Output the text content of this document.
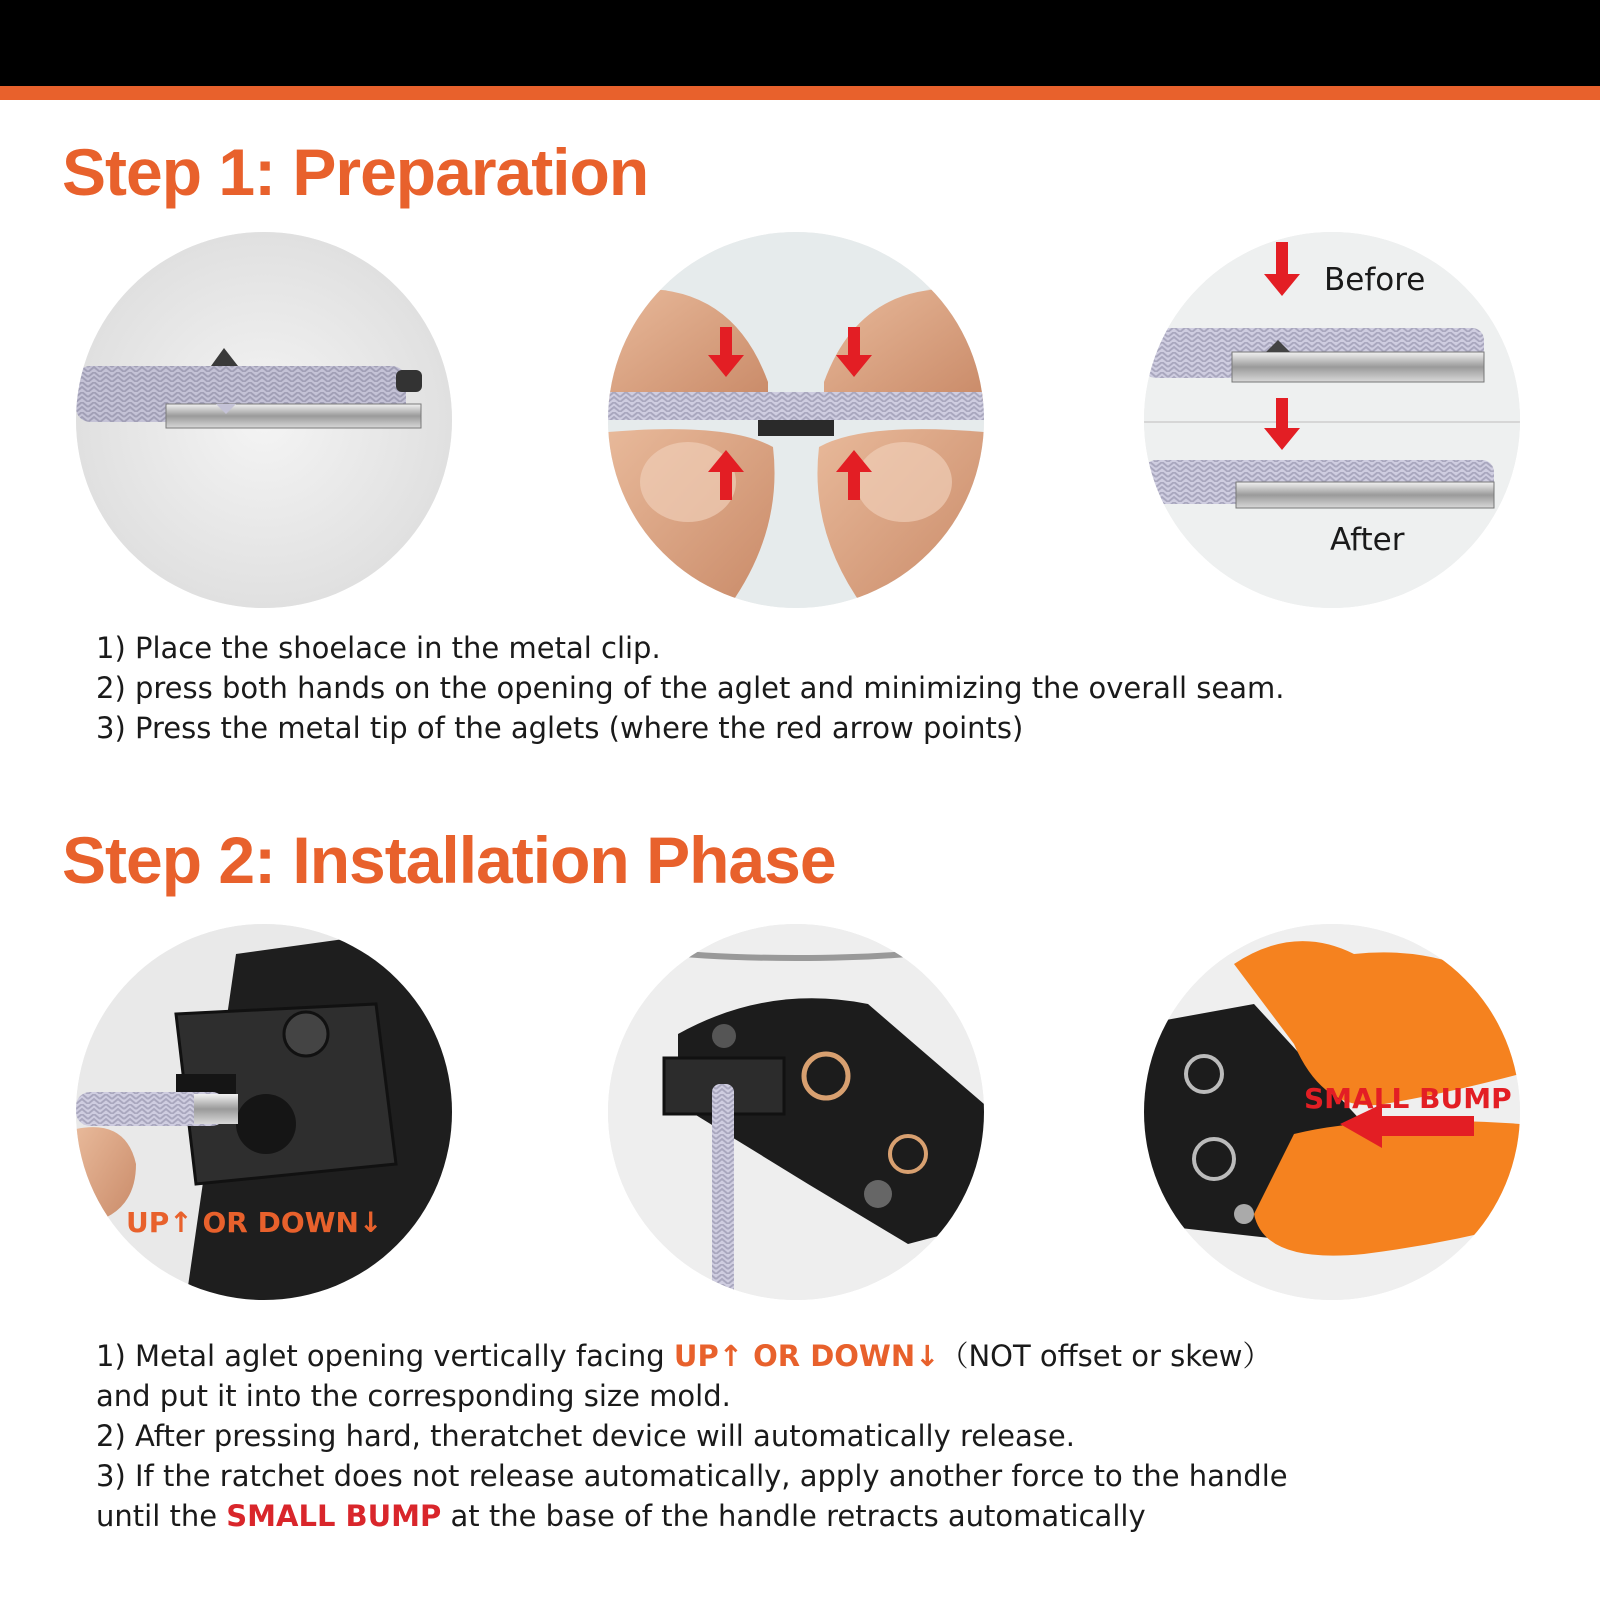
Step 1: Preparation
Before
After

1) Place the shoelace in the metal clip.

2) press both hands on the opening of the aglet and minimizing the overall seam.

3) Press the metal tip of the aglets (where the red arrow points)

Step 2: Installation Phase
UP↑ OR DOWN↓
SMALL BUMP

1) Metal aglet opening vertically facing UP↑ OR DOWN↓（NOT offset or skew）

and put it into the corresponding size mold.

2) After pressing hard, theratchet device will automatically release.

3) If the ratchet does not release automatically, apply another force to the handle

until the SMALL BUMP at the base of the handle retracts automatically
